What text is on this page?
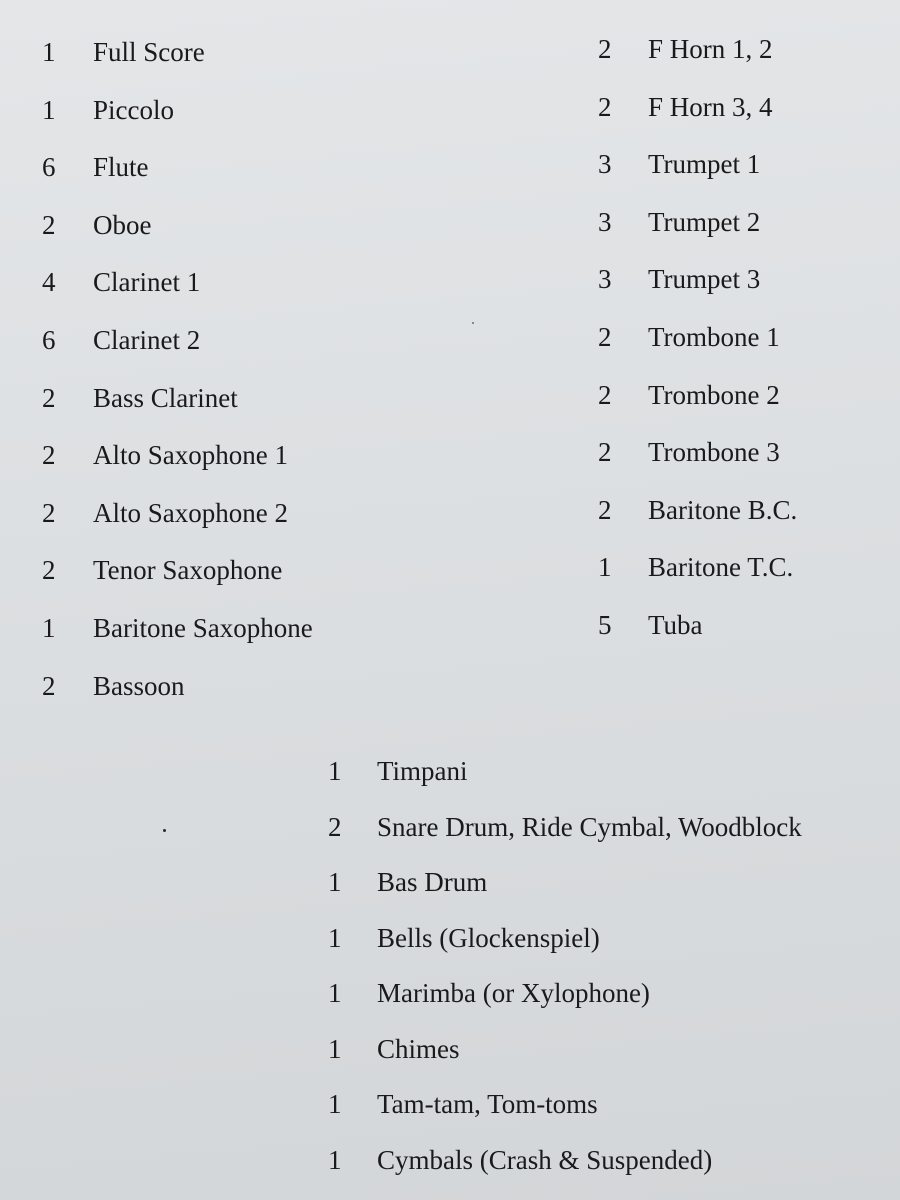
1 Full Score
1 Piccolo
6 Flute
2 Oboe
4 Clarinet 1
6 Clarinet 2
2 Bass Clarinet
2 Alto Saxophone 1
2 Alto Saxophone 2
2 Tenor Saxophone
1 Baritone Saxophone
2 Bassoon
2 F Horn 1, 2
2 F Horn 3, 4
3 Trumpet 1
3 Trumpet 2
3 Trumpet 3
2 Trombone 1
2 Trombone 2
2 Trombone 3
2 Baritone B.C.
1 Baritone T.C.
5 Tuba
1 Timpani
2 Snare Drum, Ride Cymbal, Woodblock
1 Bas Drum
1 Bells (Glockenspiel)
1 Marimba (or Xylophone)
1 Chimes
1 Tam-tam, Tom-toms
1 Cymbals (Crash & Suspended)
